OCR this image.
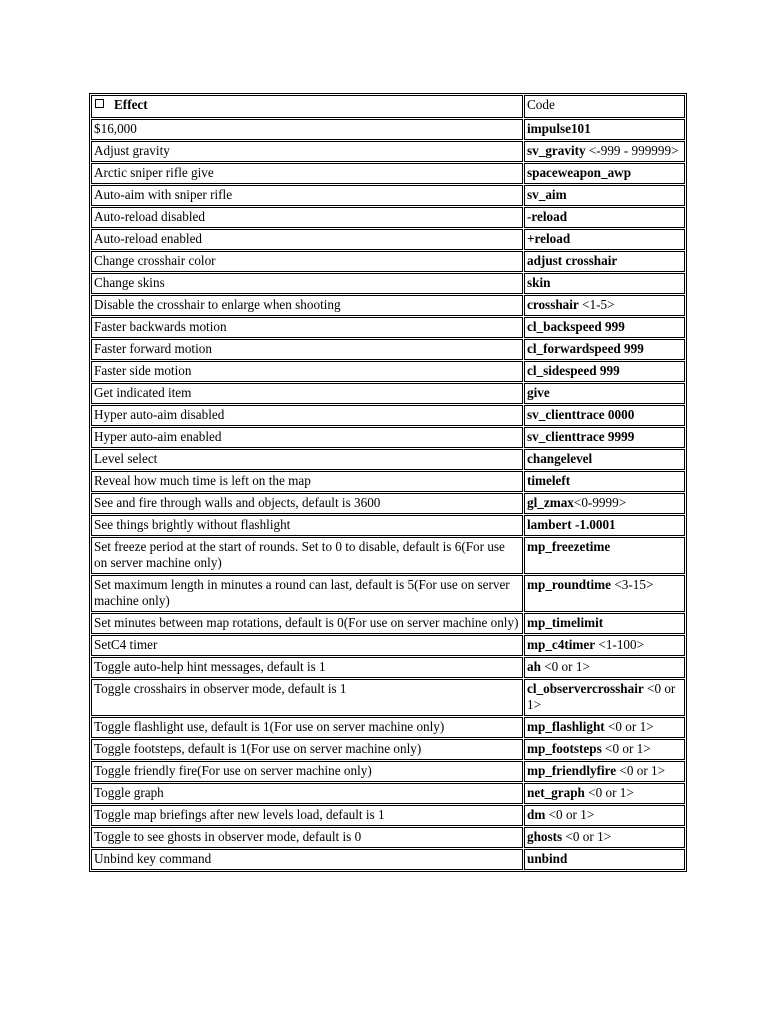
Effect	Code
$16,000	impulse101
Adjust gravity	sv_gravity <-999 - 999999>
Arctic sniper rifle give	spaceweapon_awp
Auto-aim with sniper rifle	sv_aim
Auto-reload disabled	-reload
Auto-reload enabled	+reload
Change crosshair color	adjust crosshair
Change skins	skin
Disable the crosshair to enlarge when shooting	crosshair <1-5>
Faster backwards motion	cl_backspeed 999
Faster forward motion	cl_forwardspeed 999
Faster side motion	cl_sidespeed 999
Get indicated item	give
Hyper auto-aim disabled	sv_clienttrace 0000
Hyper auto-aim enabled	sv_clienttrace 9999
Level select	changelevel
Reveal how much time is left on the map	timeleft
See and fire through walls and objects, default is 3600	gl_zmax<0-9999>
See things brightly without flashlight	lambert -1.0001
Set freeze period at the start of rounds. Set to 0 to disable, default is 6(For use on server machine only)	mp_freezetime
Set maximum length in minutes a round can last, default is 5(For use on server machine only)	mp_roundtime <3-15>
Set minutes between map rotations, default is 0(For use on server machine only)	mp_timelimit
SetC4 timer	mp_c4timer <1-100>
Toggle auto-help hint messages, default is 1	ah <0 or 1>
Toggle crosshairs in observer mode, default is 1	cl_observercrosshair <0 or 1>
Toggle flashlight use, default is 1(For use on server machine only)	mp_flashlight <0 or 1>
Toggle footsteps, default is 1(For use on server machine only)	mp_footsteps <0 or 1>
Toggle friendly fire(For use on server machine only)	mp_friendlyfire <0 or 1>
Toggle graph	net_graph <0 or 1>
Toggle map briefings after new levels load, default is 1	dm <0 or 1>
Toggle to see ghosts in observer mode, default is 0	ghosts <0 or 1>
Unbind key command	unbind
